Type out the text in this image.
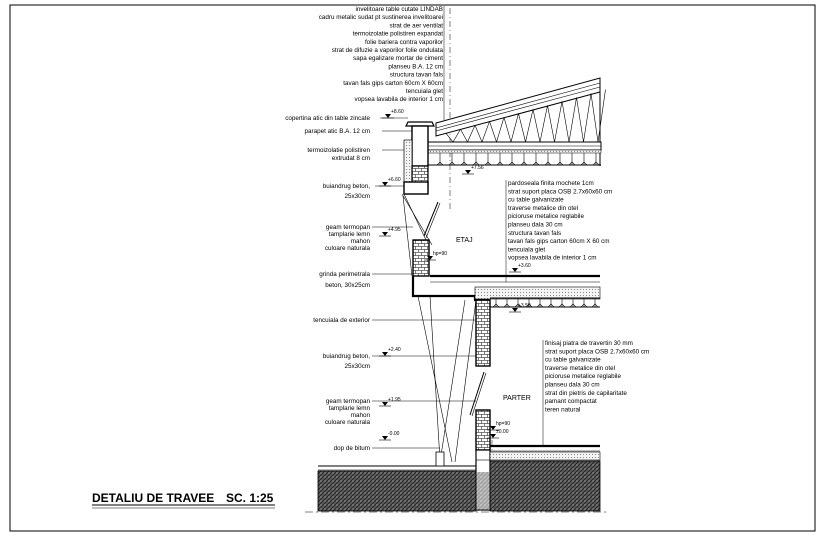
+8.60
+7.56
+6.60
+4.95
hp=90
+3.60
+3.50
+2.40
+1.95
hp=90
±0.00
-0.00
invelitoare table cutate LINDAB
cadru metalic sudat pt sustinerea invelitoarei
strat de aer ventilat
termoizolatie polistiren expandat
folie bariera contra vaporilor
strat de difuzie a vaporilor folie ondulata
sapa egalizare mortar de ciment
planseu B.A. 12 cm
structura tavan fals
tavan fals gips carton 60cm X 60cm
tencuiala glet
vopsea lavabila de interior 1 cm
copertina atic din table zincate
parapet atic B.A. 12 cm
termoizolatie polistiren
extrudat 8 cm
buiandrug beton,
25x30cm
geam termopan
tamplarie lemn
mahon
culoare naturala
grinda perimetrala
beton, 30x25cm
tencuiala de exterior
buiandrug beton,
25x30cm
geam termopan
tamplarie lemn
mahon
culoare naturala
dop de bitum
pardoseala finita mochete 1cm
strat suport placa OSB 2.7x60x60 cm
cu table galvanizate
traverse metalice din otel
picioruse metalice reglabile
planseu dala 30 cm
structura tavan fals
tavan fals gips carton 60cm X 60 cm
tencuiala glet
vopsea lavabila de interior 1 cm
finisaj piatra de travertin 30 mm
strat suport placa OSB 2.7x60x60 cm
cu table galvanizate
traverse metalice din otel
picioruse metalice reglabile
planseu dala 30 cm
strat din pietris de capilaritate
pamant compactat
teren natural
ETAJ
PARTER
DETALIU DE TRAVEE SC. 1:25
